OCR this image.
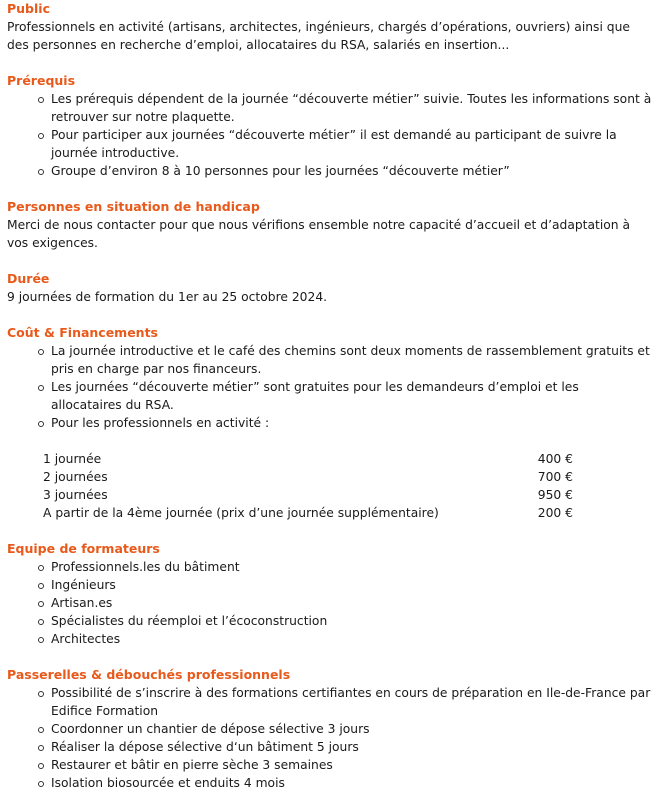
Public

Professionnels en activité (artisans, architectes, ingénieurs, chargés d’opérations, ouvriers) ainsi que des personnes en recherche d’emploi, allocataires du RSA, salariés en insertion...

Prérequis
Les prérequis dépendent de la journée “découverte métier” suivie. Toutes les informations sont à retrouver sur notre plaquette.
Pour participer aux journées “découverte métier” il est demandé au participant de suivre la journée introductive.
Groupe d’environ 8 à 10 personnes pour les journées “découverte métier”
Personnes en situation de handicap

Merci de nous contacter pour que nous vérifions ensemble notre capacité d’accueil et d’adaptation à vos exigences.

Durée

9 journées de formation du 1er au 25 octobre 2024.

Coût & Financements
La journée introductive et le café des chemins sont deux moments de rassemblement gratuits et pris en charge par nos financeurs.
Les journées “découverte métier” sont gratuites pour les demandeurs d’emploi et les allocataires du RSA.
Pour les professionnels en activité :
1 journée	400 €
2 journées	700 €
3 journées	950 €
A partir de la 4ème journée (prix d’une journée supplémentaire)	200 €
Equipe de formateurs
Professionnels.les du bâtiment
Ingénieurs
Artisan.es
Spécialistes du réemploi et l’écoconstruction
Architectes
Passerelles & débouchés professionnels
Possibilité de s’inscrire à des formations certifiantes en cours de préparation en Ile-de-France par Edifice Formation
Coordonner un chantier de dépose sélective 3 jours
Réaliser la dépose sélective d‘un bâtiment 5 jours
Restaurer et bâtir en pierre sèche 3 semaines
Isolation biosourcée et enduits 4 mois
